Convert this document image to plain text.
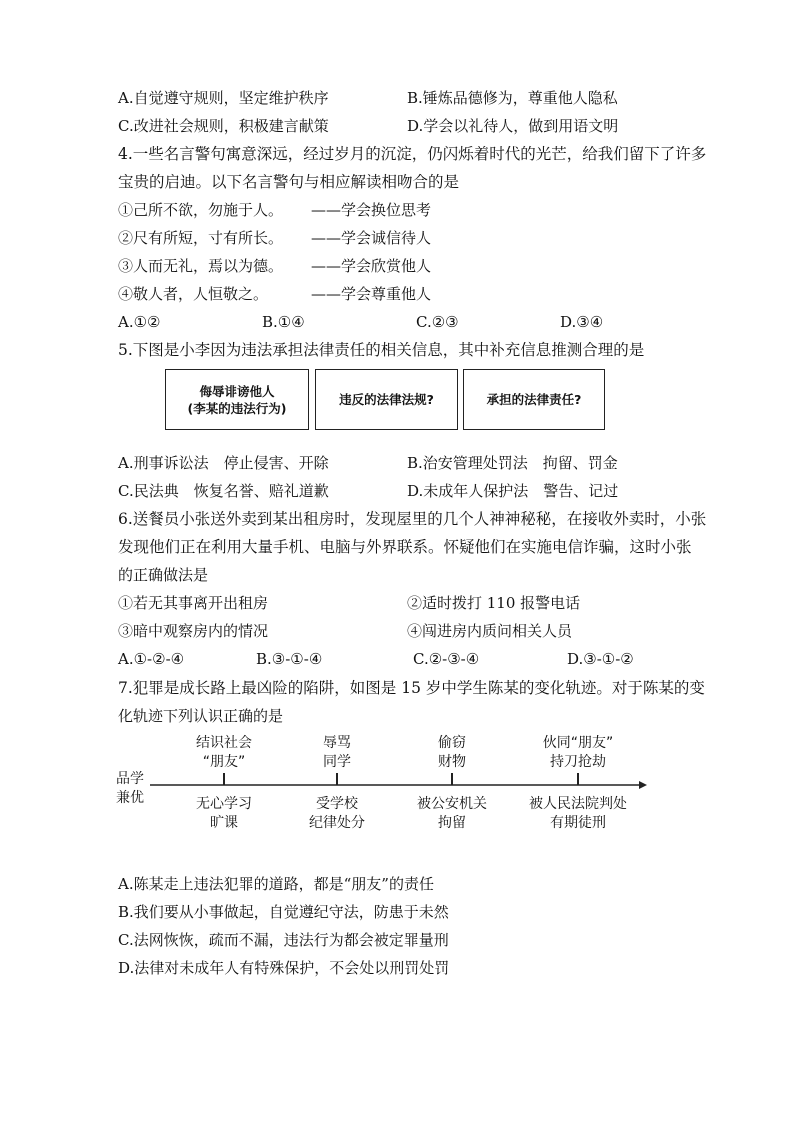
A.自觉遵守规则，坚定维护秩序	B.锤炼品德修为，尊重他人隐私
C.改进社会规则，积极建言献策	D.学会以礼待人，做到用语文明
4.一些名言警句寓意深远，经过岁月的沉淀，仍闪烁着时代的光芒，给我们留下了许多
宝贵的启迪。以下名言警句与相应解读相吻合的是
①己所不欲，勿施于人。 ——学会换位思考
②尺有所短，寸有所长。 ——学会诚信待人
③人而无礼，焉以为德。 ——学会欣赏他人
④敬人者，人恒敬之。	——学会尊重他人
A.①②	B.①④	C.②③	D.③④
5.下图是小李因为违法承担法律责任的相关信息，其中补充信息推测合理的是
侮辱诽谤他人
(李某的违法行为)
违反的法律法规?	承担的法律责任?
A.刑事诉讼法　停止侵害、开除	B.治安管理处罚法　拘留、罚金
C.民法典　恢复名誉、赔礼道歉	D.未成年人保护法　警告、记过
6.送餐员小张送外卖到某出租房时，发现屋里的几个人神神秘秘，在接收外卖时，小张
发现他们正在利用大量手机、电脑与外界联系。怀疑他们在实施电信诈骗，这时小张
的正确做法是
①若无其事离开出租房	②适时拨打 110 报警电话
③暗中观察房内的情况	④闯进房内质问相关人员
A.①-②-④	B.③-①-④	C.②-③-④	D.③-①-②
7.犯罪是成长路上最凶险的陷阱，如图是 15 岁中学生陈某的变化轨迹。对于陈某的变
化轨迹下列认识正确的是
品学
兼优
结识社会
“朋友”
辱骂
同学
偷窃
财物
伙同“朋友”
持刀抢劫
无心学习
旷课
受学校
纪律处分
被公安机关
拘留
被人民法院判处
有期徒刑
A.陈某走上违法犯罪的道路，都是“朋友”的责任
B.我们要从小事做起，自觉遵纪守法，防患于未然
C.法网恢恢，疏而不漏，违法行为都会被定罪量刑
D.法律对未成年人有特殊保护，不会处以刑罚处罚
